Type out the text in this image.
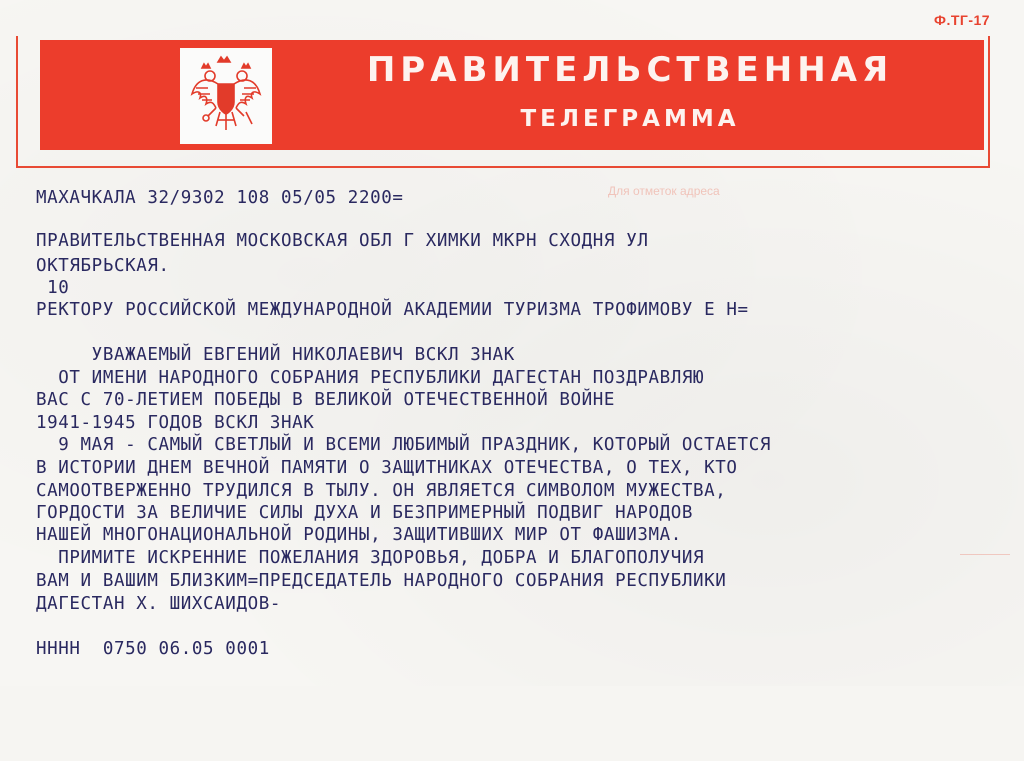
Ф.ТГ-17
ПРАВИТЕЛЬСТВЕННАЯ
ТЕЛЕГРАММА
Для отметок адреса

МАХАЧКАЛА 32/9302 108 05/05 2200=

ПРАВИТЕЛЬСТВЕННАЯ МОСКОВСКАЯ ОБЛ Г ХИМКИ МКРН СХОДНЯ УЛ

ОКТЯБРЬСКАЯ.

10

РЕКТОРУ РОССИЙСКОЙ МЕЖДУНАРОДНОЙ АКАДЕМИИ ТУРИЗМА ТРОФИМОВУ Е Н=

УВАЖАЕМЫЙ ЕВГЕНИЙ НИКОЛАЕВИЧ ВСКЛ ЗНАК

ОТ ИМЕНИ НАРОДНОГО СОБРАНИЯ РЕСПУБЛИКИ ДАГЕСТАН ПОЗДРАВЛЯЮ

ВАС С 70-ЛЕТИЕМ ПОБЕДЫ В ВЕЛИКОЙ ОТЕЧЕСТВЕННОЙ ВОЙНЕ

1941-1945 ГОДОВ ВСКЛ ЗНАК

9 МАЯ - САМЫЙ СВЕТЛЫЙ И ВСЕМИ ЛЮБИМЫЙ ПРАЗДНИК, КОТОРЫЙ ОСТАЕТСЯ

В ИСТОРИИ ДНЕМ ВЕЧНОЙ ПАМЯТИ О ЗАЩИТНИКАХ ОТЕЧЕСТВА, О ТЕХ, КТО

САМООТВЕРЖЕННО ТРУДИЛСЯ В ТЫЛУ. ОН ЯВЛЯЕТСЯ СИМВОЛОМ МУЖЕСТВА,

ГОРДОСТИ ЗА ВЕЛИЧИЕ СИЛЫ ДУХА И БЕЗПРИМЕРНЫЙ ПОДВИГ НАРОДОВ

НАШЕЙ МНОГОНАЦИОНАЛЬНОЙ РОДИНЫ, ЗАЩИТИВШИХ МИР ОТ ФАШИЗМА.

ПРИМИТЕ ИСКРЕННИЕ ПОЖЕЛАНИЯ ЗДОРОВЬЯ, ДОБРА И БЛАГОПОЛУЧИЯ

ВАМ И ВАШИМ БЛИЗКИМ=ПРЕДСЕДАТЕЛЬ НАРОДНОГО СОБРАНИЯ РЕСПУБЛИКИ

ДАГЕСТАН Х. ШИХСАИДОВ-

НННН  0750 06.05 0001
